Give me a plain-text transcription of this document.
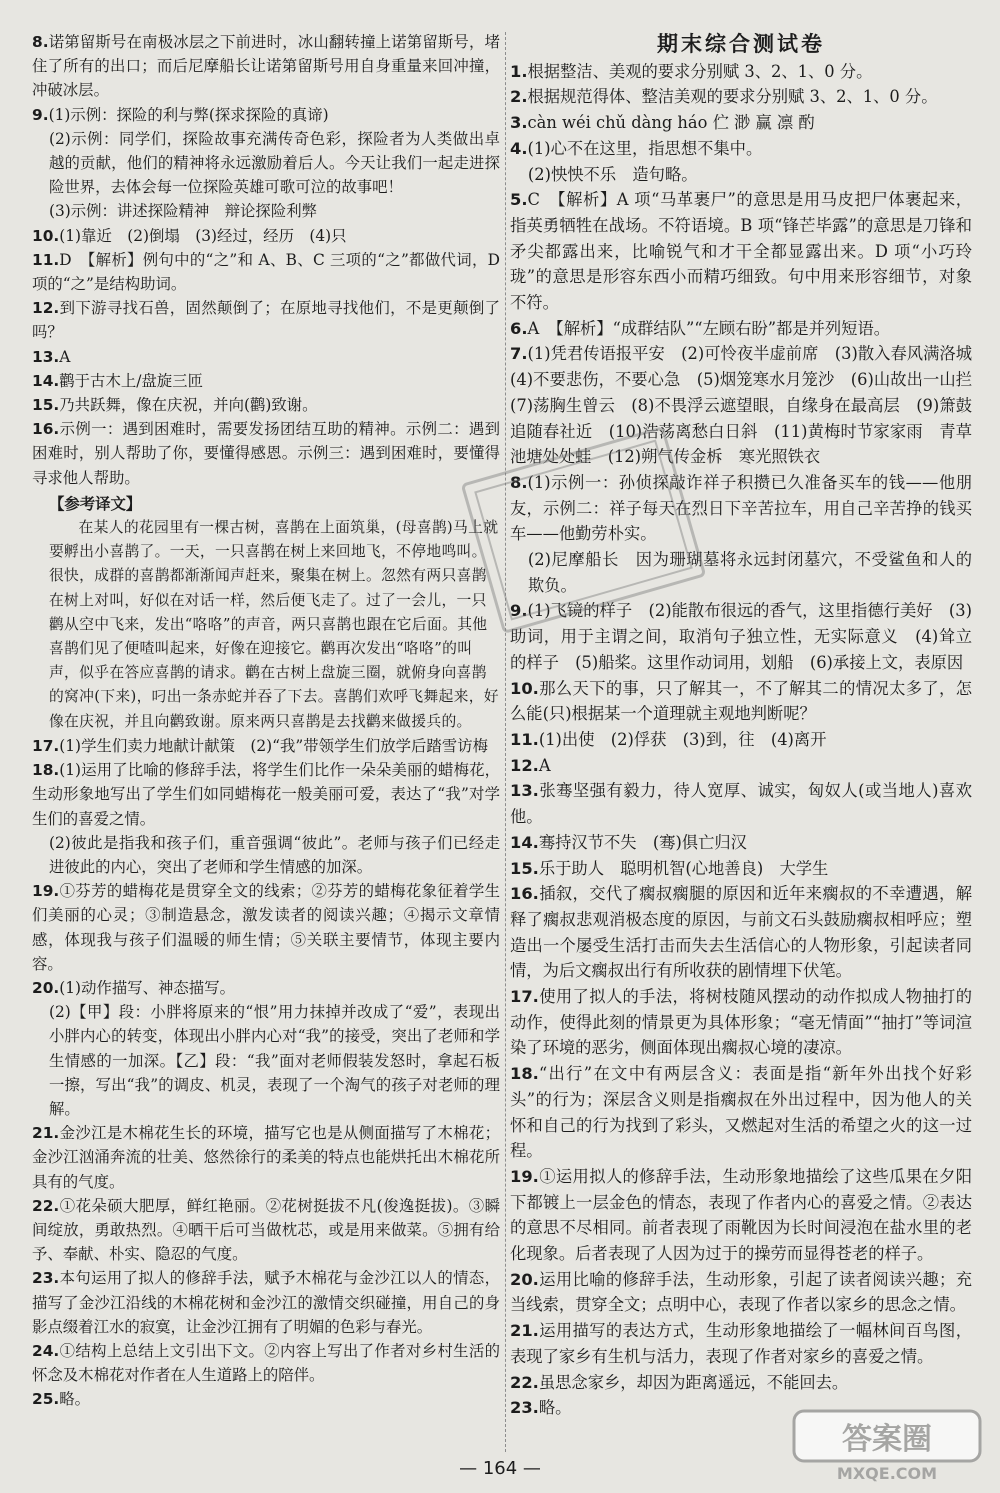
8.诺第留斯号在南极冰层之下前进时，冰山翻转撞上诺第留斯号，堵住了所有的出口；而后尼摩船长让诺第留斯号用自身重量来回冲撞，冲破冰层。

9.(1)示例：探险的利与弊(探求探险的真谛)

(2)示例：同学们，探险故事充满传奇色彩，探险者为人类做出卓越的贡献，他们的精神将永远激励着后人。今天让我们一起走进探险世界，去体会每一位探险英雄可歌可泣的故事吧！

(3)示例：讲述探险精神　辩论探险利弊

10.(1)靠近　(2)倒塌　(3)经过，经历　(4)只

11.D　【解析】例句中的“之”和 A、B、C 三项的“之”都做代词，D 项的“之”是结构助词。

12.到下游寻找石兽，固然颠倒了；在原地寻找他们，不是更颠倒了吗？

13.A

14.鹳于古木上/盘旋三匝

15.乃共跃舞，像在庆祝，并向(鹳)致谢。

16.示例一：遇到困难时，需要发扬团结互助的精神。示例二：遇到困难时，别人帮助了你，要懂得感恩。示例三：遇到困难时，要懂得寻求他人帮助。

【参考译文】

在某人的花园里有一棵古树，喜鹊在上面筑巢，(母喜鹊)马上就要孵出小喜鹊了。一天，一只喜鹊在树上来回地飞，不停地鸣叫。很快，成群的喜鹊都渐渐闻声赶来，聚集在树上。忽然有两只喜鹊在树上对叫，好似在对话一样，然后便飞走了。过了一会儿，一只鹳从空中飞来，发出“咯咯”的声音，两只喜鹊也跟在它后面。其他喜鹊们见了便喳叫起来，好像在迎接它。鹳再次发出“咯咯”的叫声，似乎在答应喜鹊的请求。鹳在古树上盘旋三圈，就俯身向喜鹊的窝冲(下来)，叼出一条赤蛇并吞了下去。喜鹊们欢呼飞舞起来，好像在庆祝，并且向鹳致谢。原来两只喜鹊是去找鹳来做援兵的。

17.(1)学生们卖力地献计献策　(2)“我”带领学生们放学后踏雪访梅

18.(1)运用了比喻的修辞手法，将学生们比作一朵朵美丽的蜡梅花，生动形象地写出了学生们如同蜡梅花一般美丽可爱，表达了“我”对学生们的喜爱之情。

(2)彼此是指我和孩子们，重音强调“彼此”。老师与孩子们已经走进彼此的内心，突出了老师和学生情感的加深。

19.①芬芳的蜡梅花是贯穿全文的线索；②芬芳的蜡梅花象征着学生们美丽的心灵；③制造悬念，激发读者的阅读兴趣；④揭示文章情感，体现我与孩子们温暖的师生情；⑤关联主要情节，体现主要内容。

20.(1)动作描写、神态描写。

(2)【甲】段：小胖将原来的“恨”用力抹掉并改成了“爱”，表现出小胖内心的转变，体现出小胖内心对“我”的接受，突出了老师和学生情感的一加深。【乙】段：“我”面对老师假装发怒时，拿起石板一擦，写出“我”的调皮、机灵，表现了一个淘气的孩子对老师的理解。

21.金沙江是木棉花生长的环境，描写它也是从侧面描写了木棉花；金沙江汹涌奔流的壮美、悠然徐行的柔美的特点也能烘托出木棉花所具有的气度。

22.①花朵硕大肥厚，鲜红艳丽。②花树挺拔不凡(俊逸挺拔)。③瞬间绽放，勇敢热烈。④晒干后可当做枕芯，或是用来做菜。⑤拥有给予、奉献、朴实、隐忍的气度。

23.本句运用了拟人的修辞手法，赋予木棉花与金沙江以人的情态，描写了金沙江沿线的木棉花树和金沙江的激情交织碰撞，用自己的身影点缀着江水的寂寞，让金沙江拥有了明媚的色彩与春光。

24.①结构上总结上文引出下文。②内容上写出了作者对乡村生活的怀念及木棉花对作者在人生道路上的陪伴。

25.略。

期末综合测试卷

1.根据整洁、美观的要求分别赋 3、2、1、0 分。

2.根据规范得体、整洁美观的要求分别赋 3、2、1、0 分。

3.càn wéi chǔ dàng háo 伫 渺 赢 凛 酌

4.(1)心不在这里，指思想不集中。

(2)怏怏不乐　造句略。

5.C　【解析】A 项“马革裹尸”的意思是用马皮把尸体裹起来，指英勇牺牲在战场。不符语境。B 项“锋芒毕露”的意思是刀锋和矛尖都露出来，比喻锐气和才干全都显露出来。D 项“小巧玲珑”的意思是形容东西小而精巧细致。句中用来形容细节，对象不符。

6.A　【解析】“成群结队”“左顾右盼”都是并列短语。

7.(1)凭君传语报平安　(2)可怜夜半虚前席　(3)散入春风满洛城　(4)不要悲伤，不要心急　(5)烟笼寒水月笼沙　(6)山故出一山拦　(7)荡胸生曾云　(8)不畏浮云遮望眼，自缘身在最高层　(9)箫鼓追随春社近　(10)浩荡离愁白日斜　(11)黄梅时节家家雨　青草池塘处处蛙　(12)朔气传金柝　寒光照铁衣

8.(1)示例一：孙侦探敲诈祥子积攒已久准备买车的钱——他朋友，示例二：祥子每天在烈日下辛苦拉车，用自己辛苦挣的钱买车——他勤劳朴实。

(2)尼摩船长　因为珊瑚墓将永远封闭墓穴，不受鲨鱼和人的欺负。

9.(1)飞镜的样子　(2)能散布很远的香气，这里指德行美好　(3)助词，用于主谓之间，取消句子独立性，无实际意义　(4)耸立的样子　(5)船桨。这里作动词用，划船　(6)承接上文，表原因

10.那么天下的事，只了解其一，不了解其二的情况太多了，怎么能(只)根据某一个道理就主观地判断呢？

11.(1)出使　(2)俘获　(3)到，往　(4)离开

12.A

13.张骞坚强有毅力，待人宽厚、诚实，匈奴人(或当地人)喜欢他。

14.骞持汉节不失　(骞)俱亡归汉

15.乐于助人　聪明机智(心地善良)　大学生

16.插叙，交代了瘸叔瘸腿的原因和近年来瘸叔的不幸遭遇，解释了瘸叔悲观消极态度的原因，与前文石头鼓励瘸叔相呼应；塑造出一个屡受生活打击而失去生活信心的人物形象，引起读者同情，为后文瘸叔出行有所收获的剧情埋下伏笔。

17.使用了拟人的手法，将树枝随风摆动的动作拟成人物抽打的动作，使得此刻的情景更为具体形象；“毫无情面”“抽打”等词渲染了环境的恶劣，侧面体现出瘸叔心境的凄凉。

18.“出行”在文中有两层含义：表面是指“新年外出找个好彩头”的行为；深层含义则是指瘸叔在外出过程中，因为他人的关怀和自己的行为找到了彩头，又燃起对生活的希望之火的这一过程。

19.①运用拟人的修辞手法，生动形象地描绘了这些瓜果在夕阳下都镀上一层金色的情态，表现了作者内心的喜爱之情。②表达的意思不尽相同。前者表现了雨靴因为长时间浸泡在盐水里的老化现象。后者表现了人因为过于的操劳而显得苍老的样子。

20.运用比喻的修辞手法，生动形象，引起了读者阅读兴趣；充当线索，贯穿全文；点明中心，表现了作者以家乡的思念之情。

21.运用描写的表达方式，生动形象地描绘了一幅林间百鸟图，表现了家乡有生机与活力，表现了作者对家乡的喜爱之情。

22.虽思念家乡，却因为距离遥远，不能回去。

23.略。

— 164 —
答案圈
MXQE.COM
